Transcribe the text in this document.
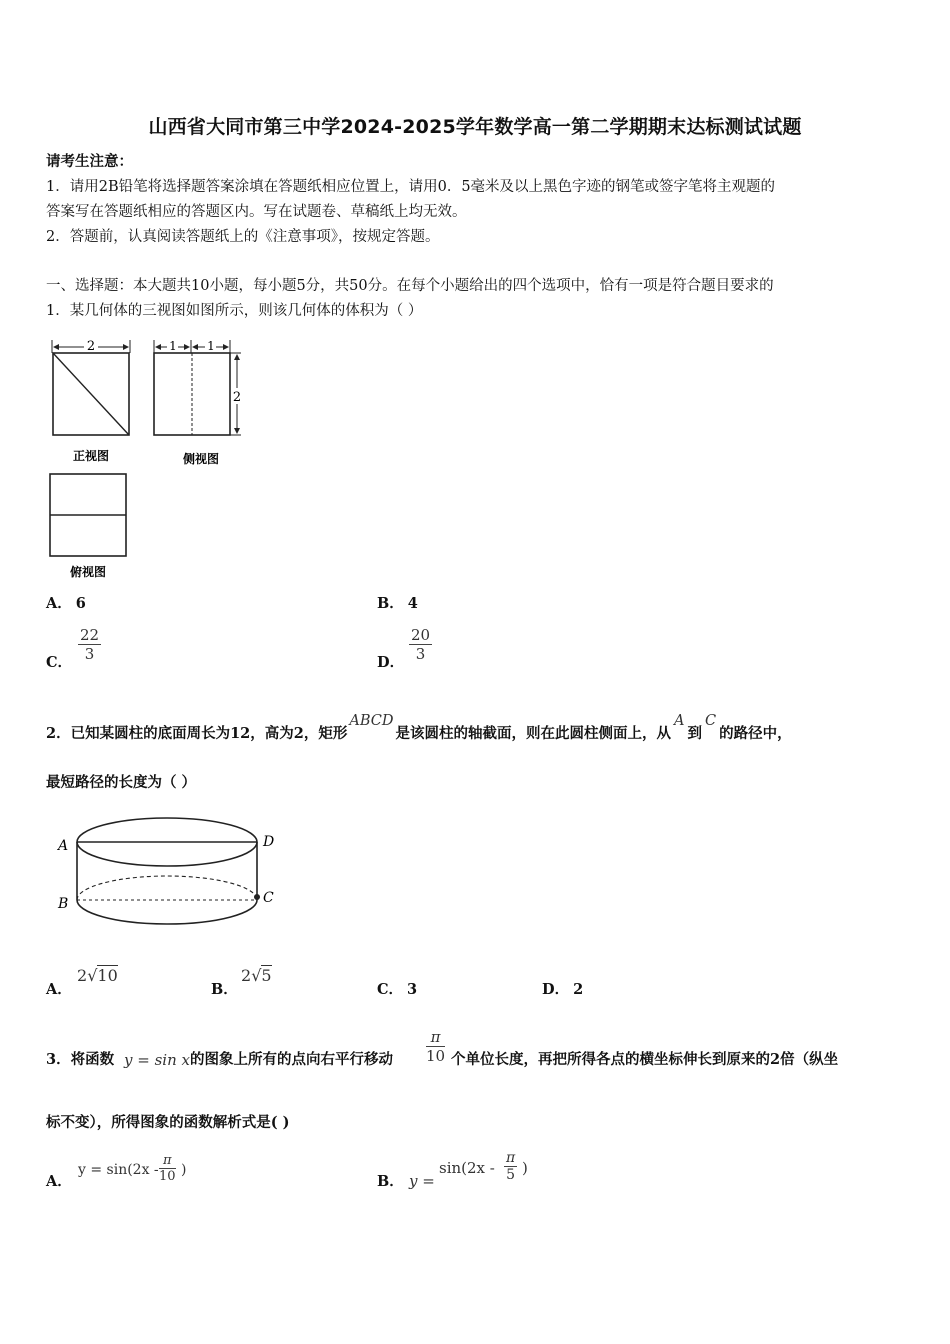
山西省大同市第三中学2024-2025学年数学高一第二学期期末达标测试试题
请考生注意：
1．请用2B铅笔将选择题答案涂填在答题纸相应位置上，请用0．5毫米及以上黑色字迹的钢笔或签字笔将主观题的
答案写在答题纸相应的答题区内。写在试题卷、草稿纸上均无效。
2．答题前，认真阅读答题纸上的《注意事项》，按规定答题。
一、选择题：本大题共10小题，每小题5分，共50分。在每个小题给出的四个选项中，恰有一项是符合题目要求的
1．某几何体的三视图如图所示，则该几何体的体积为（ ）
2
正视图
1	1
2
侧视图
俯视图
A． 6	B． 4
C． $\frac{22}{3}$	D． $\frac{20}{3}$
2．已知某圆柱的底面周长为12，高为2，矩形ABCD是该圆柱的轴截面，则在此圆柱侧面上，从A到C的路径中，
最短路径的长度为（ ）
A	D
B	C
A．
2√10
B．
2√5
C． 3	D． 2
3．将函数 y = sin x 的图象上所有的点向右平行移动 $\frac{\pi}{10}$ 个单位长度，再把所得各点的横坐标伸长到原来的2倍（纵坐
标不变），所得图象的函数解析式是( )
A．
$y = \sin(2x - \frac{\pi}{10}$ )
B． y =
$\sin(2x - \frac{\pi}{5}$ )
